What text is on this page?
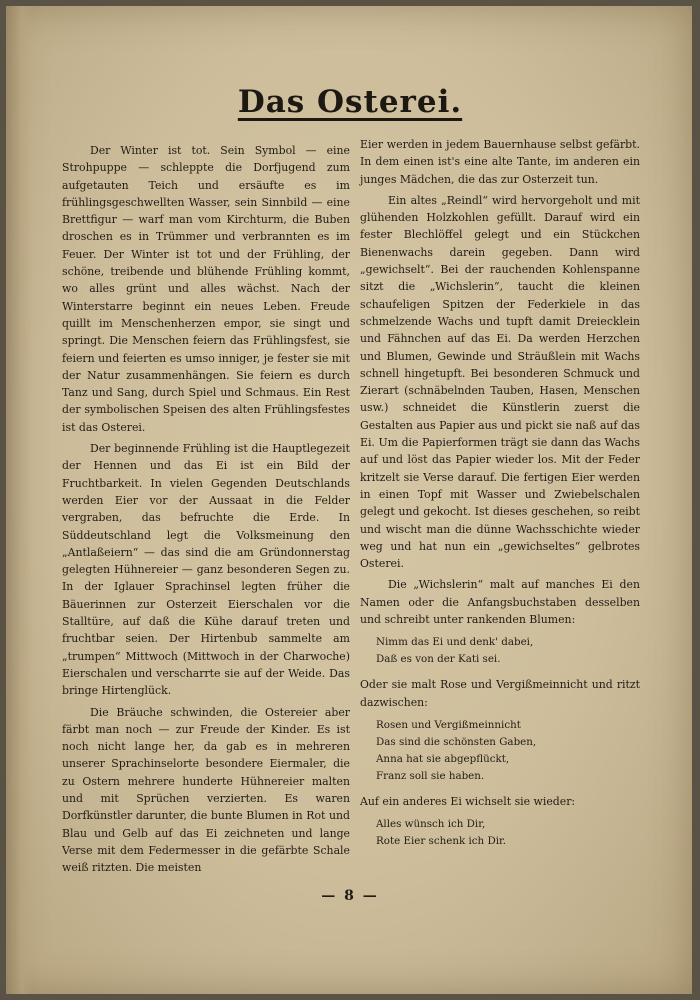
Das Osterei.

Der Winter ist tot. Sein Symbol — eine Strohpuppe — schleppte die Dorfjugend zum aufgetauten Teich und ersäufte es im frühlingsgeschwellten Wasser, sein Sinnbild — eine Brettfigur — warf man vom Kirchturm, die Buben droschen es in Trümmer und verbrannten es im Feuer. Der Winter ist tot und der Frühling, der schöne, treibende und blühende Frühling kommt, wo alles grünt und alles wächst. Nach der Winterstarre beginnt ein neues Leben. Freude quillt im Menschenherzen empor, sie singt und springt. Die Menschen feiern das Frühlingsfest, sie feiern und feierten es umso inniger, je fester sie mit der Natur zusammenhängen. Sie feiern es durch Tanz und Sang, durch Spiel und Schmaus. Ein Rest der symbolischen Speisen des alten Frühlingsfestes ist das Osterei.

Der beginnende Frühling ist die Hauptlegezeit der Hennen und das Ei ist ein Bild der Fruchtbarkeit. In vielen Gegenden Deutschlands werden Eier vor der Aussaat in die Felder vergraben, das befruchte die Erde. In Süddeutschland legt die Volksmeinung den „Antlaßeiern“ — das sind die am Gründonnerstag gelegten Hühnereier — ganz besonderen Segen zu. In der Iglauer Sprachinsel legten früher die Bäuerinnen zur Osterzeit Eierschalen vor die Stalltüre, auf daß die Kühe darauf treten und fruchtbar seien. Der Hirtenbub sammelte am „trumpen“ Mittwoch (Mittwoch in der Charwoche) Eierschalen und verscharrte sie auf der Weide. Das bringe Hirtenglück.

Die Bräuche schwinden, die Ostereier aber färbt man noch — zur Freude der Kinder. Es ist noch nicht lange her, da gab es in mehreren unserer Sprachinselorte besondere Eiermaler, die zu Ostern mehrere hunderte Hühnereier malten und mit Sprüchen verzierten. Es waren Dorfkünstler darunter, die bunte Blumen in Rot und Blau und Gelb auf das Ei zeichneten und lange Verse mit dem Federmesser in die gefärbte Schale weiß ritzten. Die meisten

Eier werden in jedem Bauernhause selbst gefärbt. In dem einen ist's eine alte Tante, im anderen ein junges Mädchen, die das zur Osterzeit tun.

Ein altes „Reindl“ wird hervorgeholt und mit glühenden Holzkohlen gefüllt. Darauf wird ein fester Blechlöffel gelegt und ein Stückchen Bienenwachs darein gegeben. Dann wird „gewichselt“. Bei der rauchenden Kohlenspanne sitzt die „Wichslerin“, taucht die kleinen schaufeligen Spitzen der Federkiele in das schmelzende Wachs und tupft damit Dreiecklein und Fähnchen auf das Ei. Da werden Herzchen und Blumen, Gewinde und Sträußlein mit Wachs schnell hingetupft. Bei besonderen Schmuck und Zierart (schnäbelnden Tauben, Hasen, Menschen usw.) schneidet die Künstlerin zuerst die Gestalten aus Papier aus und pickt sie naß auf das Ei. Um die Papierformen trägt sie dann das Wachs auf und löst das Papier wieder los. Mit der Feder kritzelt sie Verse darauf. Die fertigen Eier werden in einen Topf mit Wasser und Zwiebelschalen gelegt und gekocht. Ist dieses geschehen, so reibt und wischt man die dünne Wachsschichte wieder weg und hat nun ein „gewichseltes“ gelbrotes Osterei.

Die „Wichslerin“ malt auf manches Ei den Namen oder die Anfangsbuchstaben desselben und schreibt unter rankenden Blumen:

Nimm das Ei und denk' dabei,
Daß es von der Kati sei.

Oder sie malt Rose und Vergißmeinnicht und ritzt dazwischen:

Rosen und Vergißmeinnicht
Das sind die schönsten Gaben,
Anna hat sie abgepflückt,
Franz soll sie haben.

Auf ein anderes Ei wichselt sie wieder:

Alles wünsch ich Dir,
Rote Eier schenk ich Dir.
— 8 —
